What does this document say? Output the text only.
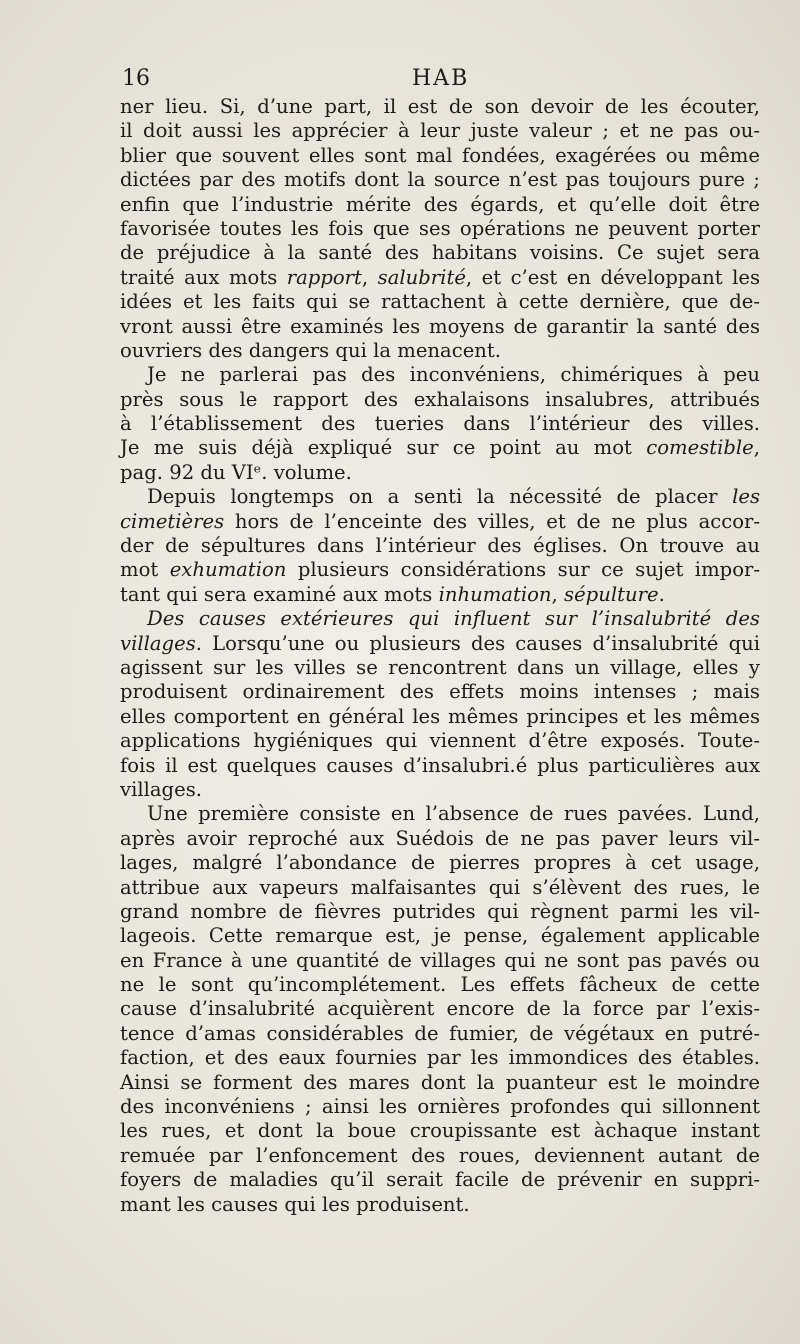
16	HAB
ner lieu. Si, d’une part, il est de son devoir de les écouter,
il doit aussi les apprécier à leur juste valeur ; et ne pas ou-
blier que souvent elles sont mal fondées, exagérées ou même
dictées par des motifs dont la source n’est pas toujours pure ;
enfin que l’industrie mérite des égards, et qu’elle doit être
favorisée toutes les fois que ses opérations ne peuvent porter
de préjudice à la santé des habitans voisins. Ce sujet sera
traité aux mots rapport, salubrité, et c’est en développant les
idées et les faits qui se rattachent à cette dernière, que de-
vront aussi être examinés les moyens de garantir la santé des
ouvriers des dangers qui la menacent.
Je ne parlerai pas des inconvéniens, chimériques à peu
près sous le rapport des exhalaisons insalubres, attribués
à l’établissement des tueries dans l’intérieur des villes.
Je me suis déjà expliqué sur ce point au mot comestible,
pag. 92 du VIᵉ. volume.
Depuis longtemps on a senti la nécessité de placer les
cimetières hors de l’enceinte des villes, et de ne plus accor-
der de sépultures dans l’intérieur des églises. On trouve au
mot exhumation plusieurs considérations sur ce sujet impor-
tant qui sera examiné aux mots inhumation, sépulture.
Des causes extérieures qui influent sur l’insalubrité des
villages. Lorsqu’une ou plusieurs des causes d’insalubrité qui
agissent sur les villes se rencontrent dans un village, elles y
produisent ordinairement des effets moins intenses ; mais
elles comportent en général les mêmes principes et les mêmes
applications hygiéniques qui viennent d’être exposés. Toute-
fois il est quelques causes d’insalubri.é plus particulières aux
villages.
Une première consiste en l’absence de rues pavées. Lund,
après avoir reproché aux Suédois de ne pas paver leurs vil-
lages, malgré l’abondance de pierres propres à cet usage,
attribue aux vapeurs malfaisantes qui s’élèvent des rues, le
grand nombre de fièvres putrides qui règnent parmi les vil-
lageois. Cette remarque est, je pense, également applicable
en France à une quantité de villages qui ne sont pas pavés ou
ne le sont qu’incomplétement. Les effets fâcheux de cette
cause d’insalubrité acquièrent encore de la force par l’exis-
tence d’amas considérables de fumier, de végétaux en putré-
faction, et des eaux fournies par les immondices des étables.
Ainsi se forment des mares dont la puanteur est le moindre
des inconvéniens ; ainsi les ornières profondes qui sillonnent
les rues, et dont la boue croupissante est àchaque instant
remuée par l’enfoncement des roues, deviennent autant de
foyers de maladies qu’il serait facile de prévenir en suppri-
mant les causes qui les produisent.
